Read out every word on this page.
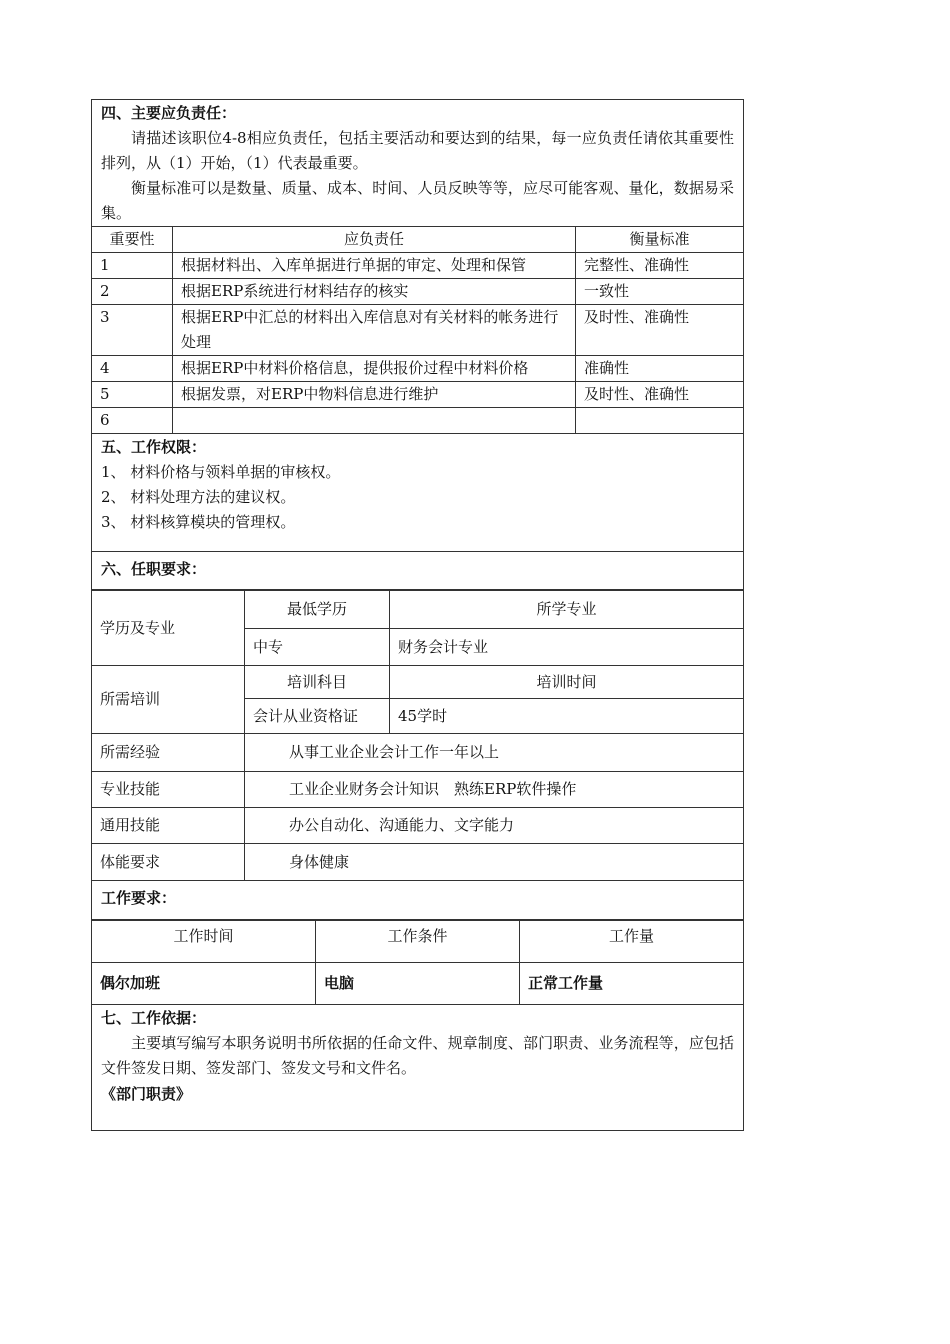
四、主要应负责任：
请描述该职位4-8相应负责任，包括主要活动和要达到的结果，每一应负责任请依其重要性排列，从（1）开始，（1）代表最重要。
衡量标准可以是数量、质量、成本、时间、人员反映等等，应尽可能客观、量化，数据易采集。
重要性	应负责任	衡量标准
1	根据材料出、入库单据进行单据的审定、处理和保管	完整性、准确性
2	根据ERP系统进行材料结存的核实	一致性
3	根据ERP中汇总的材料出入库信息对有关材料的帐务进行处理	及时性、准确性
4	根据ERP中材料价格信息，提供报价过程中材料价格	准确性
5	根据发票，对ERP中物料信息进行维护	及时性、准确性
6		
五、工作权限：
1、 材料价格与领料单据的审核权。
2、 材料处理方法的建议权。
3、 材料核算模块的管理权。
六、任职要求：
学历及专业	最低学历	所学专业
	中专	财务会计专业
所需培训	培训科目	培训时间
	会计从业资格证	45学时
所需经验	从事工业企业会计工作一年以上	
专业技能	工业企业财务会计知识　熟练ERP软件操作	
通用技能	办公自动化、沟通能力、文字能力	
体能要求	身体健康	
工作要求：
工作时间	工作条件	工作量
偶尔加班	电脑	正常工作量
七、工作依据：
主要填写编写本职务说明书所依据的任命文件、规章制度、部门职责、业务流程等，应包括文件签发日期、签发部门、签发文号和文件名。
《部门职责》
